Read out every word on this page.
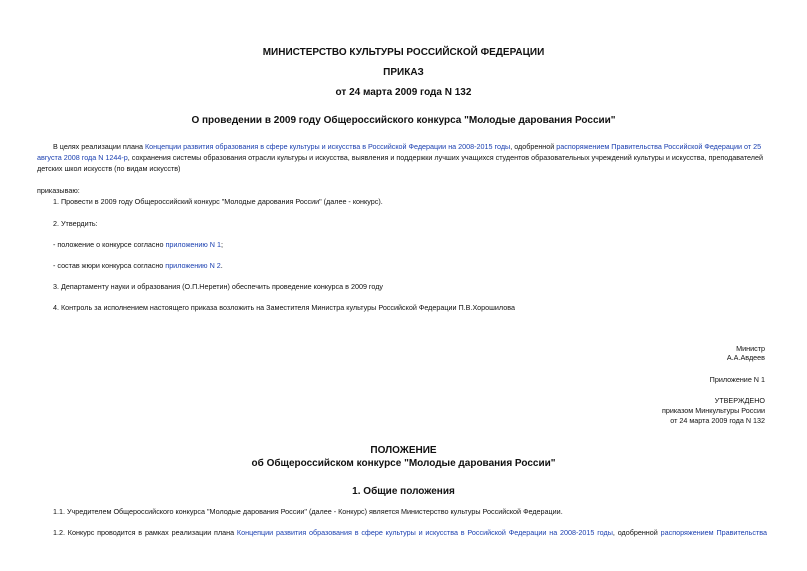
МИНИСТЕРСТВО КУЛЬТУРЫ РОССИЙСКОЙ ФЕДЕРАЦИИ
ПРИКАЗ
от 24 марта 2009 года N 132
О проведении в 2009 году Общероссийского конкурса "Молодые дарования России"
В целях реализации плана Концепции развития образования в сфере культуры и искусства в Российской Федерации на 2008-2015 годы, одобренной распоряжением Правительства Российской Федерации от 25
августа 2008 года N 1244-р, сохранения системы образования отрасли культуры и искусства, выявления и поддержки лучших учащихся студентов образовательных учреждений культуры и искусства, преподавателей
детских школ искусств (по видам искусств)
приказываю:
1. Провести в 2009 году Общероссийский конкурс "Молодые дарования России" (далее - конкурс).
2. Утвердить:
- положение о конкурсе согласно приложению N 1;
- состав жюри конкурса согласно приложению N 2.
3. Департаменту науки и образования (О.П.Неретин) обеспечить проведение конкурса в 2009 году
4. Контроль за исполнением настоящего приказа возложить на Заместителя Министра культуры Российской Федерации П.В.Хорошилова
Министр
А.А.Авдеев
Приложение N 1
УТВЕРЖДЕНО
приказом Минкультуры России
от 24 марта 2009 года N 132
ПОЛОЖЕНИЕ
об Общероссийском конкурсе "Молодые дарования России"
1. Общие положения
1.1. Учредителем Общероссийского конкурса "Молодые дарования России" (далее - Конкурс) является Министерство культуры Российской Федерации.
1.2. Конкурс проводится в рамках реализации плана Концепции развития образования в сфере культуры и искусства в Российской Федерации на 2008-2015 годы, одобренной распоряжением Правительства
